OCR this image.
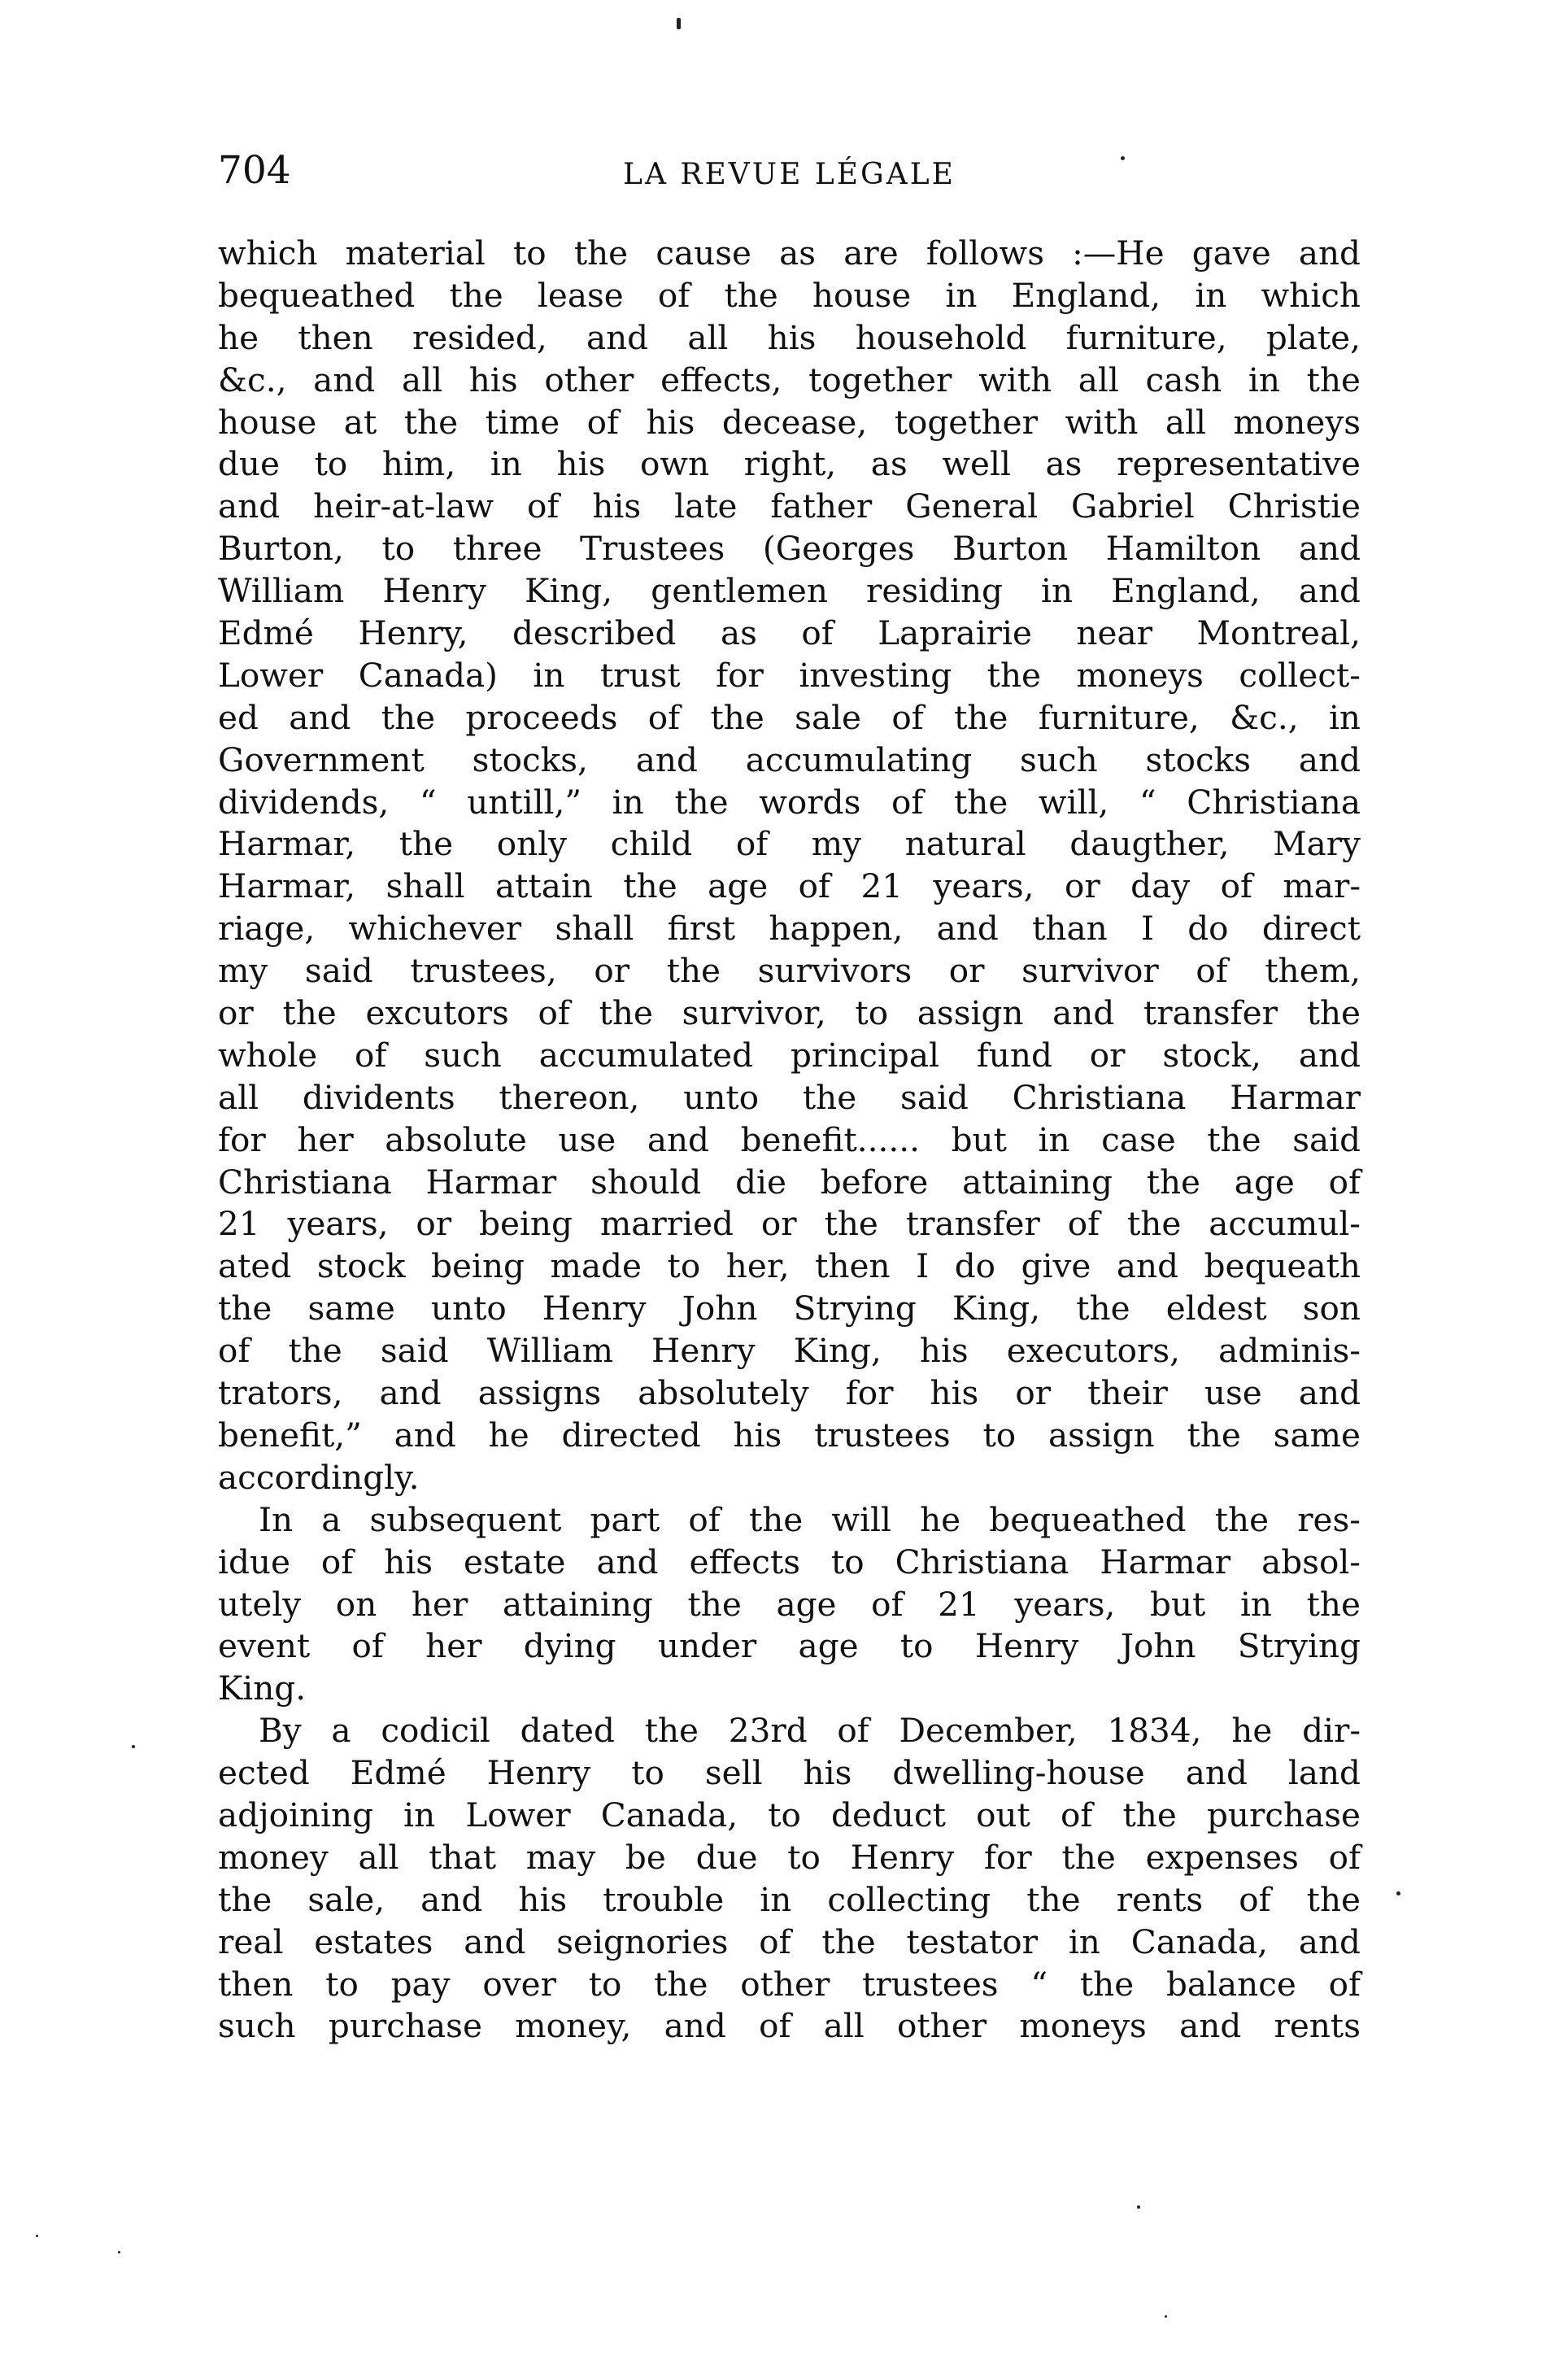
704	LA REVUE LÉGALE
which material to the cause as are follows :—He gave and
bequeathed the lease of the house in England, in which
he then resided, and all his household furniture, plate,
&c., and all his other effects, together with all cash in the
house at the time of his decease, together with all moneys
due to him, in his own right, as well as representative
and heir-at-law of his late father General Gabriel Christie
Burton, to three Trustees (Georges Burton Hamilton and
William Henry King, gentlemen residing in England, and
Edmé Henry, described as of Laprairie near Montreal,
Lower Canada) in trust for investing the moneys collect-
ed and the proceeds of the sale of the furniture, &c., in
Government stocks, and accumulating such stocks and
dividends, “ untill,” in the words of the will, “ Christiana
Harmar, the only child of my natural daugther, Mary
Harmar, shall attain the age of 21 years, or day of mar-
riage, whichever shall first happen, and than I do direct
my said trustees, or the survivors or survivor of them,
or the excutors of the survivor, to assign and transfer the
whole of such accumulated principal fund or stock, and
all dividents thereon, unto the said Christiana Harmar
for her absolute use and benefit...... but in case the said
Christiana Harmar should die before attaining the age of
21 years, or being married or the transfer of the accumul-
ated stock being made to her, then I do give and bequeath
the same unto Henry John Strying King, the eldest son
of the said William Henry King, his executors, adminis-
trators, and assigns absolutely for his or their use and
benefit,” and he directed his trustees to assign the same
accordingly.
In a subsequent part of the will he bequeathed the res-
idue of his estate and effects to Christiana Harmar absol-
utely on her attaining the age of 21 years, but in the
event of her dying under age to Henry John Strying
King.
By a codicil dated the 23rd of December, 1834, he dir-
ected Edmé Henry to sell his dwelling-house and land
adjoining in Lower Canada, to deduct out of the purchase
money all that may be due to Henry for the expenses of
the sale, and his trouble in collecting the rents of the
real estates and seignories of the testator in Canada, and
then to pay over to the other trustees “ the balance of
such purchase money, and of all other moneys and rents
